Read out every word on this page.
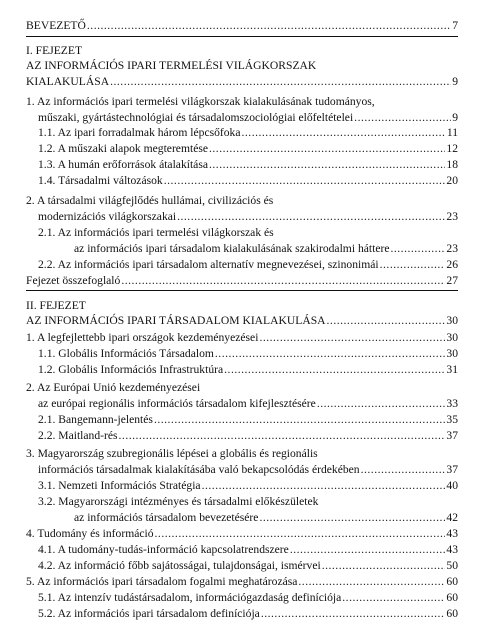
BEVEZETŐ .....	7
I. FEJEZET
AZ INFORMÁCIÓS IPARI TERMELÉSI VILÁGKORSZAK
KIALAKULÁSA .....	9
1. Az információs ipari termelési világkorszak kialakulásának tudományos,
műszaki, gyártástechnológiai és társadalomszociológiai előfeltételei .....	9
1.1. Az ipari forradalmak három lépcsőfoka .....	11
1.2. A műszaki alapok megteremtése .....	12
1.3. A humán erőforrások átalakítása .....	18
1.4. Társadalmi változások .....	20
2. A társadalmi világfejlődés hullámai, civilizációs és
modernizációs világkorszakai .....	23
2.1. Az információs ipari termelési világkorszak és
az információs ipari társadalom kialakulásának szakirodalmi háttere .....	23
2.2. Az információs ipari társadalom alternatív megnevezései, szinonimái .....	26
Fejezet összefoglaló .....	27
II. FEJEZET
AZ INFORMÁCIÓS IPARI TÁRSADALOM KIALAKULÁSA .....	30
1. A legfejlettebb ipari országok kezdeményezései .....	30
1.1. Globális Információs Társadalom .....	30
1.2. Globális Információs Infrastruktúra .....	31
2. Az Európai Unió kezdeményezései
az európai regionális információs társadalom kifejlesztésére .....	33
2.1. Bangemann-jelentés .....	35
2.2. Maitland-rés .....	37
3. Magyarország szubregionális lépései a globális és regionális
információs társadalmak kialakításába való bekapcsolódás érdekében .....	37
3.1. Nemzeti Információs Stratégia .....	40
3.2. Magyarországi intézményes és társadalmi előkészületek
az információs társadalom bevezetésére .....	42
4. Tudomány és információ .....	43
4.1. A tudomány-tudás-információ kapcsolatrendszere .....	43
4.2. Az információ főbb sajátosságai, tulajdonságai, ismérvei .....	50
5. Az információs ipari társadalom fogalmi meghatározása .....	60
5.1. Az intenzív tudástársadalom, információgazdaság definíciója .....	60
5.2. Az információs ipari társadalom definíciója .....	60
